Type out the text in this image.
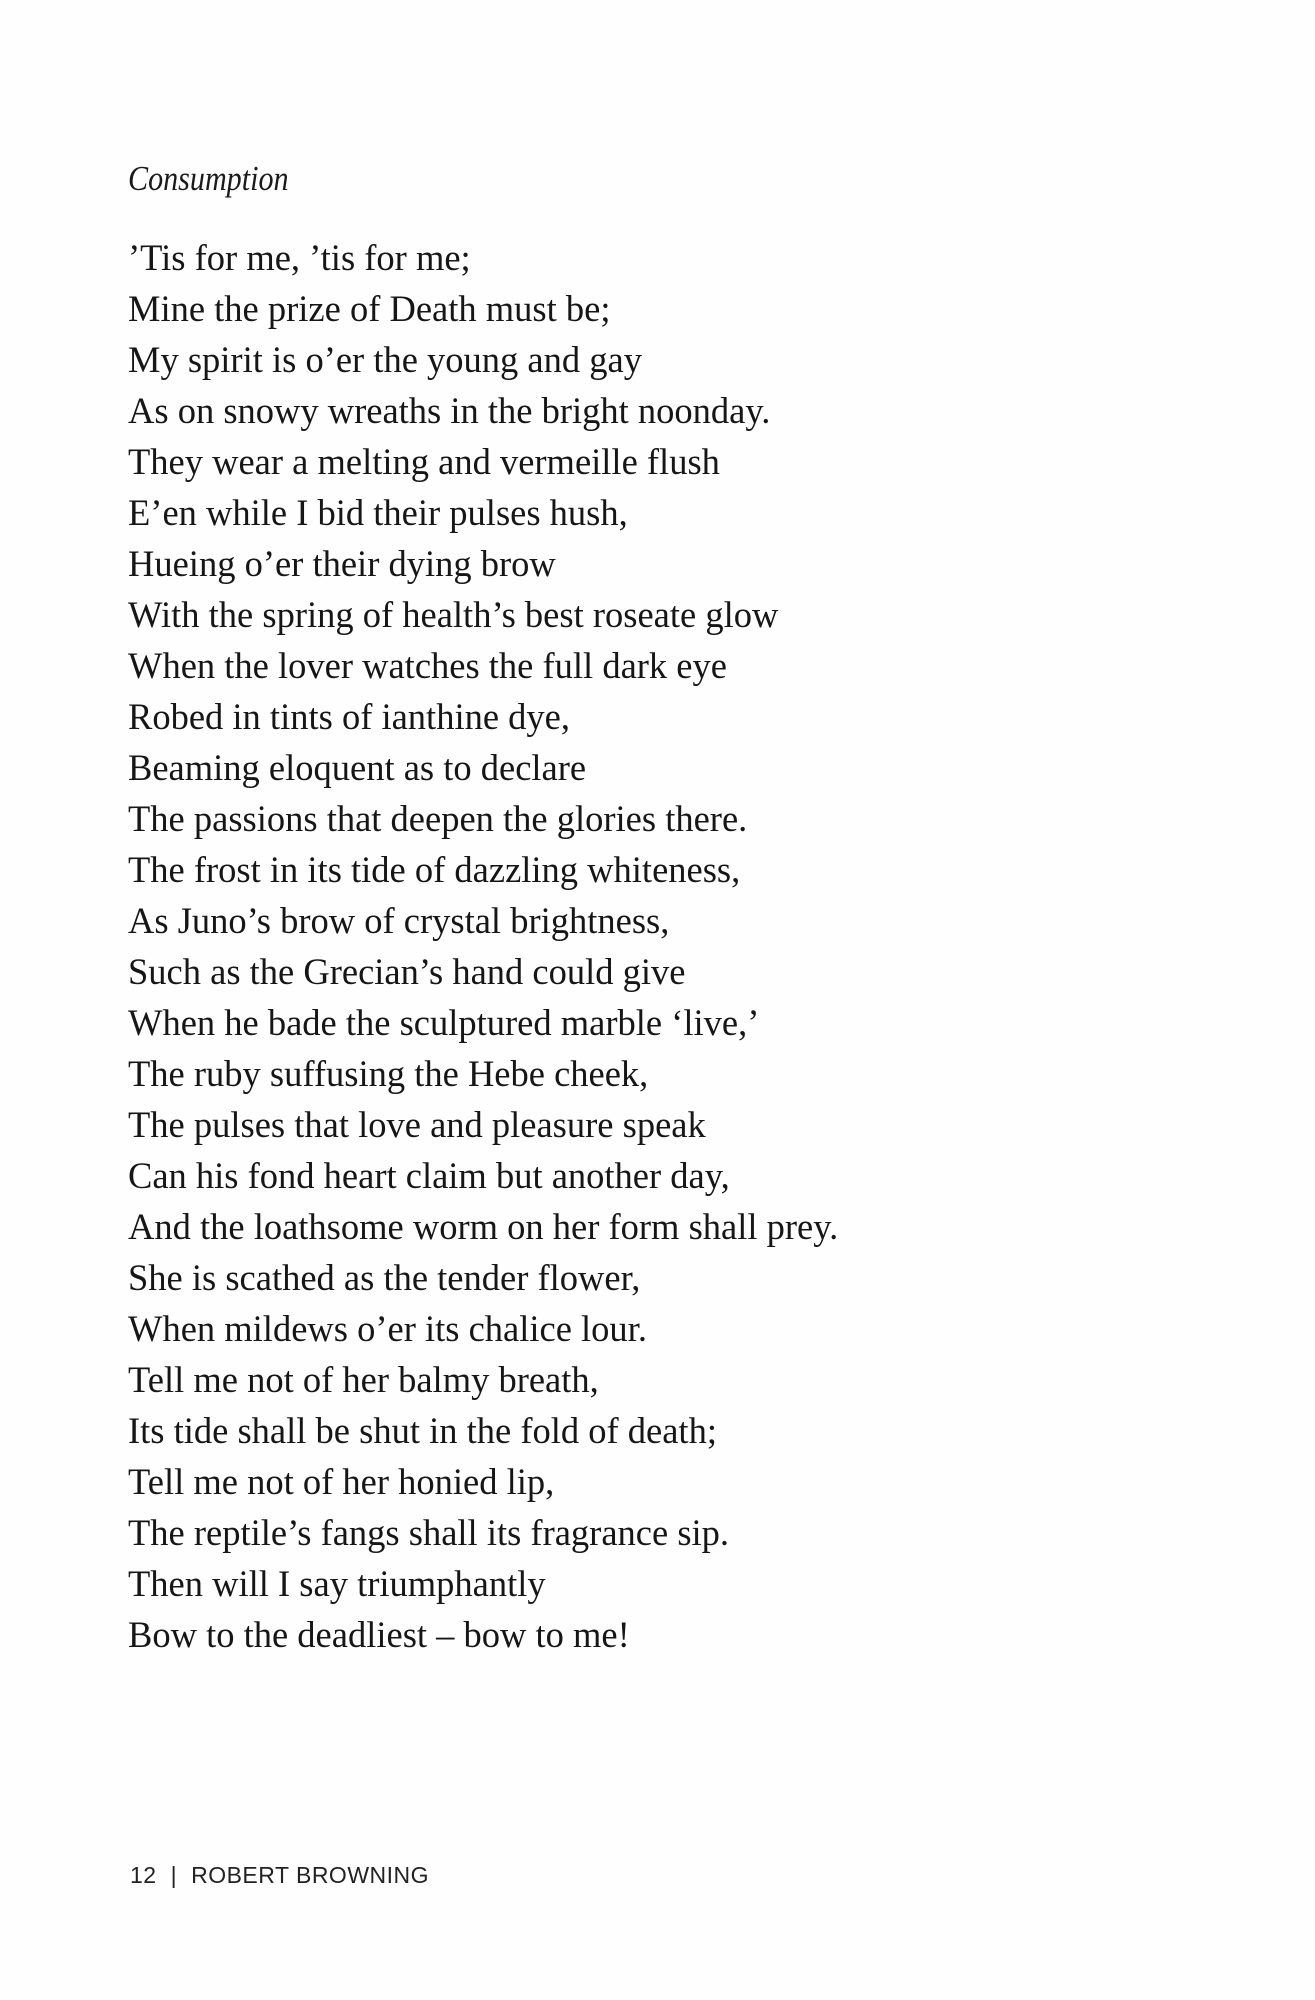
Consumption
’Tis for me, ’tis for me;
Mine the prize of Death must be;
My spirit is o’er the young and gay
As on snowy wreaths in the bright noonday.
They wear a melting and vermeille flush
E’en while I bid their pulses hush,
Hueing o’er their dying brow
With the spring of health’s best roseate glow
When the lover watches the full dark eye
Robed in tints of ianthine dye,
Beaming eloquent as to declare
The passions that deepen the glories there.
The frost in its tide of dazzling whiteness,
As Juno’s brow of crystal brightness,
Such as the Grecian’s hand could give
When he bade the sculptured marble ‘live,’
The ruby suffusing the Hebe cheek,
The pulses that love and pleasure speak
Can his fond heart claim but another day,
And the loathsome worm on her form shall prey.
She is scathed as the tender flower,
When mildews o’er its chalice lour.
Tell me not of her balmy breath,
Its tide shall be shut in the fold of death;
Tell me not of her honied lip,
The reptile’s fangs shall its fragrance sip.
Then will I say triumphantly
Bow to the deadliest – bow to me!
12 | ROBERT BROWNING
